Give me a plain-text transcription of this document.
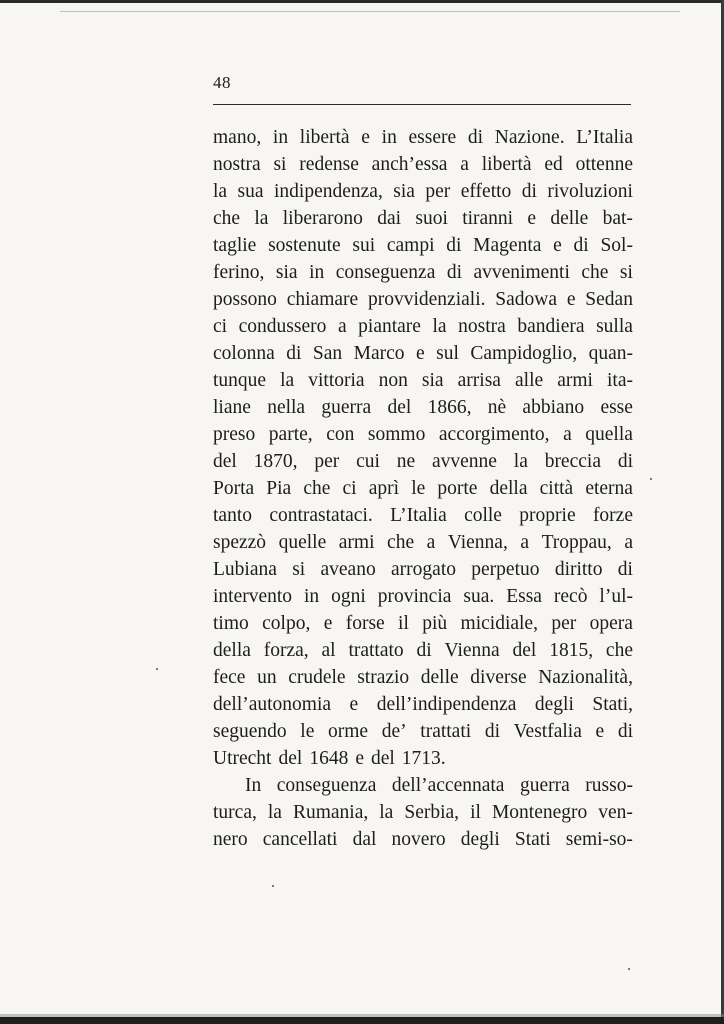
48
mano, in libertà e in essere di Nazione. L’Italia
nostra si redense anch’essa a libertà ed ottenne
la sua indipendenza, sia per effetto di rivoluzioni
che la liberarono dai suoi tiranni e delle bat-
taglie sostenute sui campi di Magenta e di Sol-
ferino, sia in conseguenza di avvenimenti che si
possono chiamare provvidenziali. Sadowa e Sedan
ci condussero a piantare la nostra bandiera sulla
colonna di San Marco e sul Campidoglio, quan-
tunque la vittoria non sia arrisa alle armi ita-
liane nella guerra del 1866, nè abbiano esse
preso parte, con sommo accorgimento, a quella
del 1870, per cui ne avvenne la breccia di
Porta Pia che ci aprì le porte della città eterna
tanto contrastataci. L’Italia colle proprie forze
spezzò quelle armi che a Vienna, a Troppau, a
Lubiana si aveano arrogato perpetuo diritto di
intervento in ogni provincia sua. Essa recò l’ul-
timo colpo, e forse il più micidiale, per opera
della forza, al trattato di Vienna del 1815, che
fece un crudele strazio delle diverse Nazionalità,
dell’autonomia e dell’indipendenza degli Stati,
seguendo le orme de’ trattati di Vestfalia e di
Utrecht del 1648 e del 1713.
In conseguenza dell’accennata guerra russo-
turca, la Rumania, la Serbia, il Montenegro ven-
nero cancellati dal novero degli Stati semi-so-
